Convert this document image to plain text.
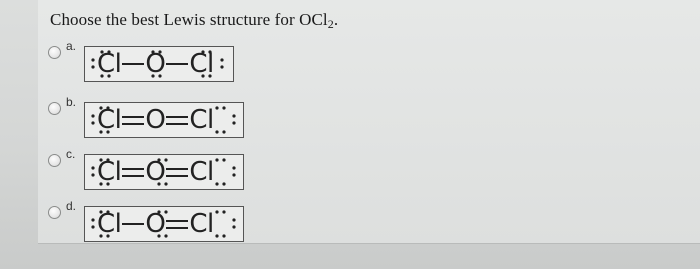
Choose the best Lewis structure for OCl$_2$.
a.
Cl O Cl
b.
Cl O Cl
c.
Cl O Cl
d.
Cl O Cl
